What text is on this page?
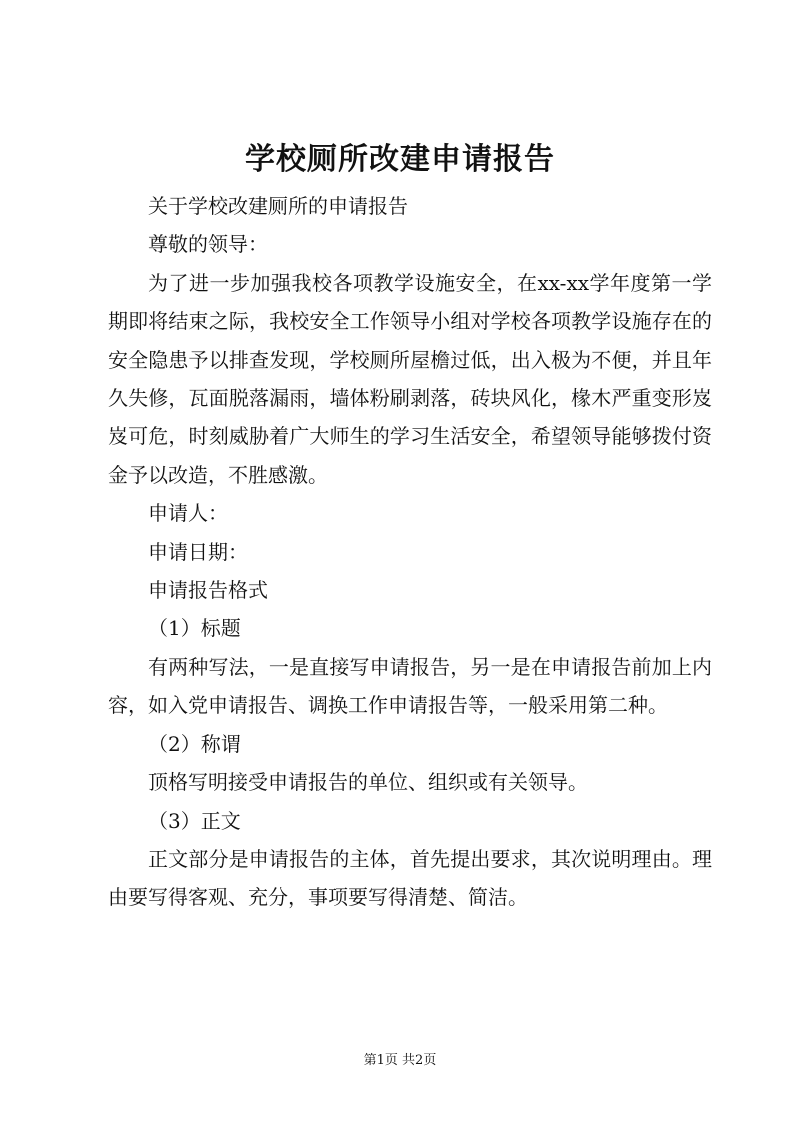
学校厕所改建申请报告

关于学校改建厕所的申请报告

尊敬的领导：

为了进一步加强我校各项教学设施安全，在xx-xx学年度第一学期即将结束之际，我校安全工作领导小组对学校各项教学设施存在的安全隐患予以排查发现，学校厕所屋檐过低，出入极为不便，并且年久失修，瓦面脱落漏雨，墙体粉刷剥落，砖块风化，椽木严重变形岌岌可危，时刻威胁着广大师生的学习生活安全，希望领导能够拨付资金予以改造，不胜感激。

申请人：

申请日期：

申请报告格式

（1）标题

有两种写法，一是直接写申请报告，另一是在申请报告前加上内容，如入党申请报告、调换工作申请报告等，一般采用第二种。

（2）称谓

顶格写明接受申请报告的单位、组织或有关领导。

（3）正文

正文部分是申请报告的主体，首先提出要求，其次说明理由。理由要写得客观、充分，事项要写得清楚、简洁。

第1页 共2页
